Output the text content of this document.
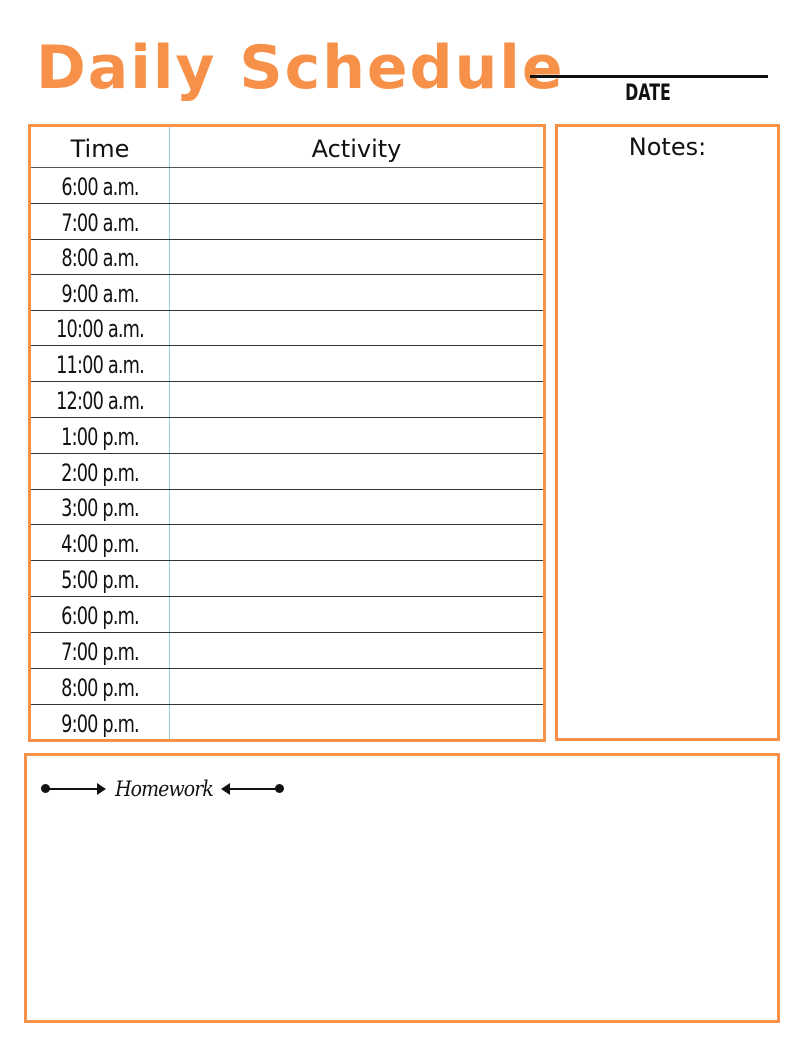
Daily Schedule	DATE
Time	Activity
6:00 a.m.
7:00 a.m.
8:00 a.m.
9:00 a.m.
10:00 a.m.
11:00 a.m.
12:00 a.m.
1:00 p.m.
2:00 p.m.
3:00 p.m.
4:00 p.m.
5:00 p.m.
6:00 p.m.
7:00 p.m.
8:00 p.m.
9:00 p.m.
Notes:
Homework
